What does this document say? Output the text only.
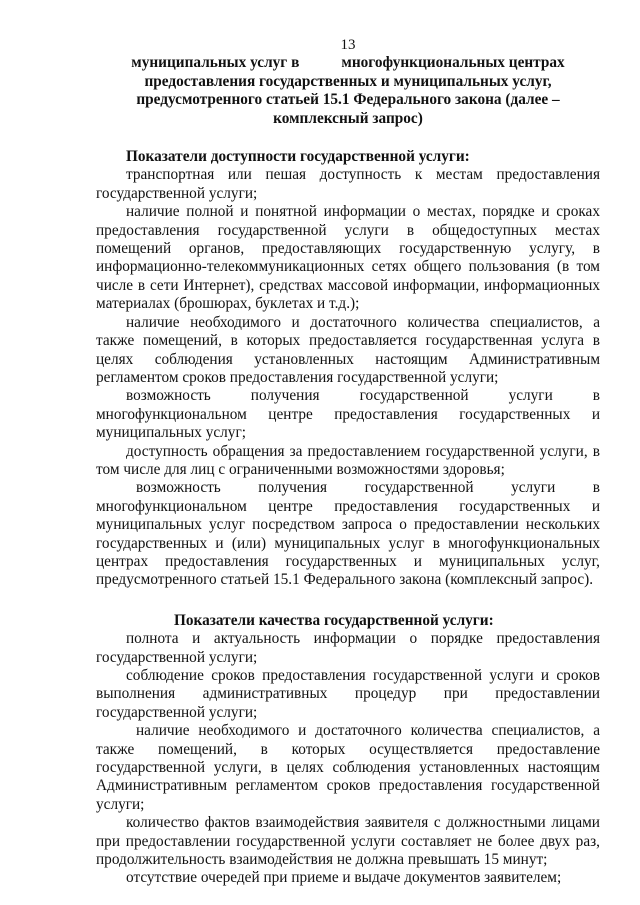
13
муниципальных услуг в	многофункциональных центрах
предоставления государственных и муниципальных услуг, предусмотренного статьей 15.1 Федерального закона (далее – комплексный запрос)
Показатели доступности государственной услуги:

транспортная или пешая доступность к местам предоставления государственной услуги;

наличие полной и понятной информации о местах, порядке и сроках предоставления государственной услуги в общедоступных местах помещений органов, предоставляющих государственную услугу, в информационно-телекоммуникационных сетях общего пользования (в том числе в сети Интернет), средствах массовой информации, информационных материалах (брошюрах, буклетах и т.д.);

наличие необходимого и достаточного количества специалистов, а также помещений, в которых предоставляется государственная услуга в целях соблюдения установленных настоящим Административным регламентом сроков предоставления государственной услуги;

возможность получения государственной услуги в многофункциональном центре предоставления государственных и муниципальных услуг;

доступность обращения за предоставлением государственной услуги, в том числе для лиц с ограниченными возможностями здоровья;

возможность получения государственной услуги в многофункциональном центре предоставления государственных и муниципальных услуг посредством запроса о предоставлении нескольких государственных и (или) муниципальных услуг в многофункциональных центрах предоставления государственных и муниципальных услуг, предусмотренного статьей 15.1 Федерального закона (комплексный запрос).

Показатели качества государственной услуги:

полнота и актуальность информации о порядке предоставления государственной услуги;

соблюдение сроков предоставления государственной услуги и сроков выполнения административных процедур при предоставлении государственной услуги;

наличие необходимого и достаточного количества специалистов, а также помещений, в которых осуществляется предоставление государственной услуги, в целях соблюдения установленных настоящим Административным регламентом сроков предоставления государственной услуги;

количество фактов взаимодействия заявителя с должностными лицами при предоставлении государственной услуги составляет не более двух раз, продолжительность взаимодействия не должна превышать 15 минут;

отсутствие очередей при приеме и выдаче документов заявителем;
